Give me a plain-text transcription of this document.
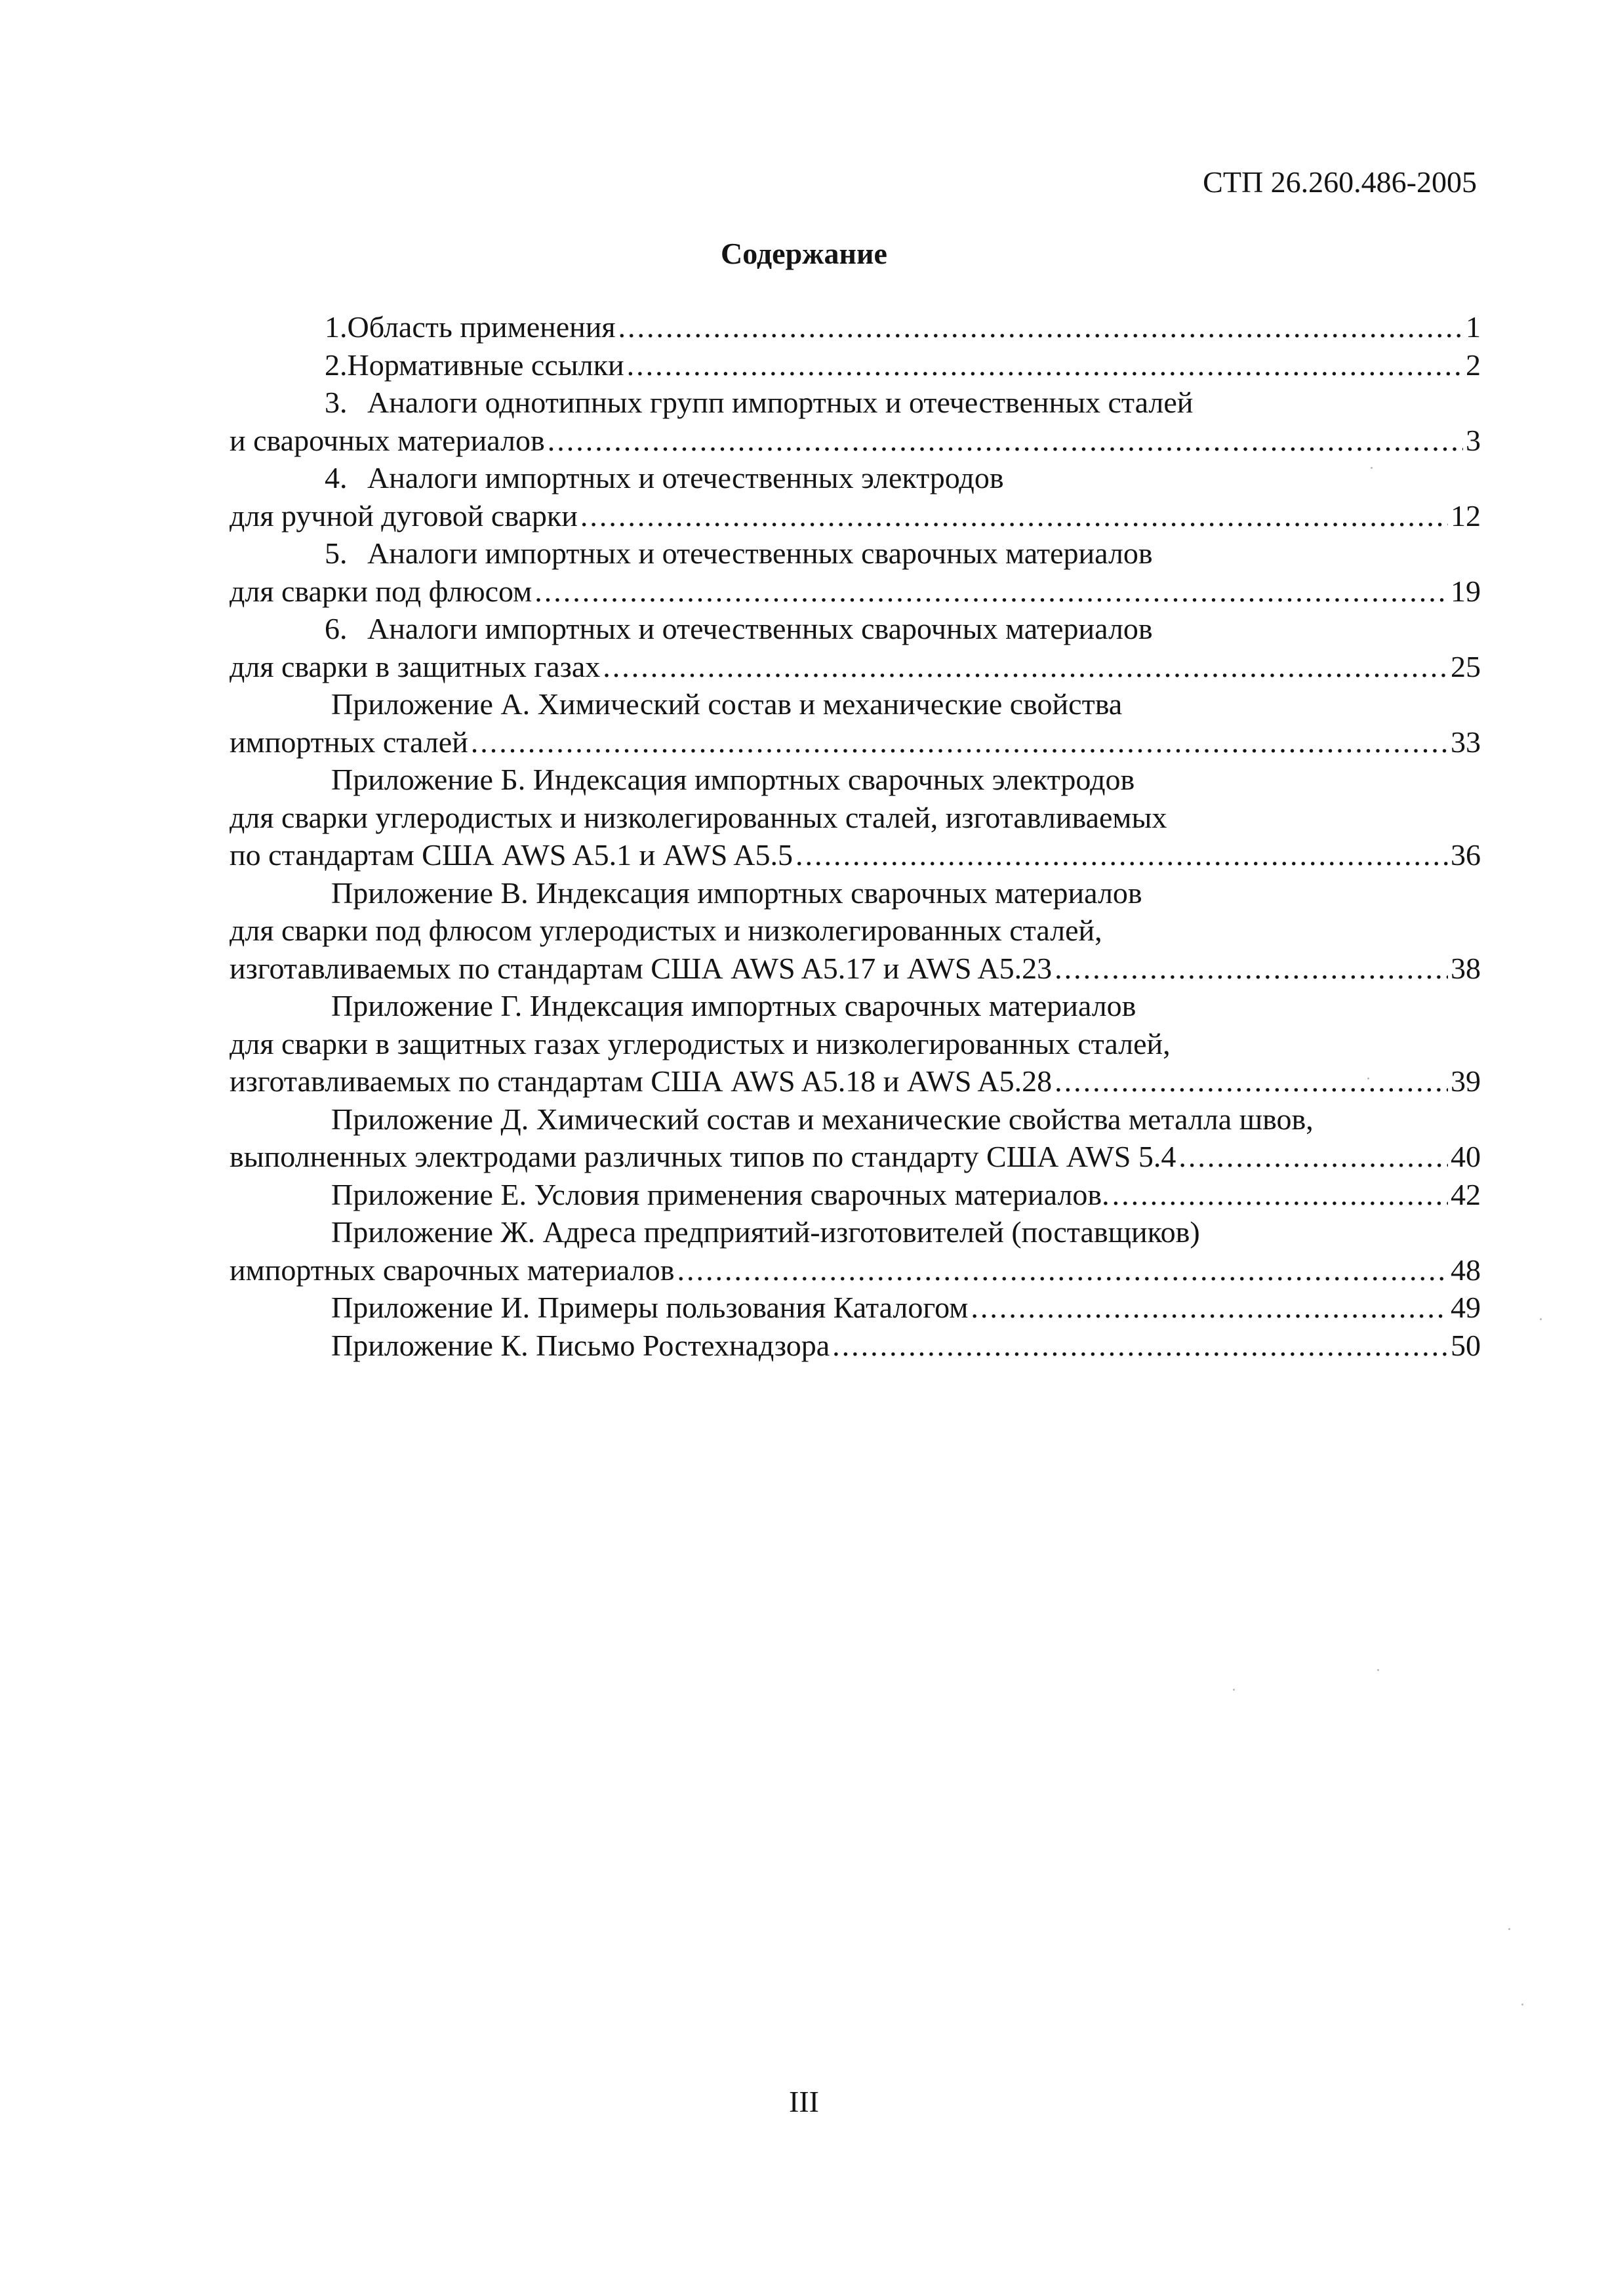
СТП 26.260.486-2005
Содержание
1. Область применения .....	1
2. Нормативные ссылки .....	2
3. Аналоги однотипных групп импортных и отечественных сталей
и сварочных материалов .....	3
4. Аналоги импортных и отечественных электродов
для ручной дуговой сварки .....	12
5. Аналоги импортных и отечественных сварочных материалов
для сварки под флюсом .....	19
6. Аналоги импортных и отечественных сварочных материалов
для сварки в защитных газах .....	25
Приложение А. Химический состав и механические свойства
импортных сталей .....	33
Приложение Б. Индексация импортных сварочных электродов
для сварки углеродистых и низколегированных сталей, изготавливаемых
по стандартам США AWS A5.1 и AWS A5.5 .....	36
Приложение В. Индексация импортных сварочных материалов
для сварки под флюсом углеродистых и низколегированных сталей,
изготавливаемых по стандартам США AWS A5.17 и AWS A5.23 .....	38
Приложение Г. Индексация импортных сварочных материалов
для сварки в защитных газах углеродистых и низколегированных сталей,
изготавливаемых по стандартам США AWS A5.18 и AWS A5.28 .....	39
Приложение Д. Химический состав и механические свойства металла швов,
выполненных электродами различных типов по стандарту США AWS 5.4 .....	40
Приложение Е. Условия применения сварочных материалов. .....	42
Приложение Ж. Адреса предприятий-изготовителей (поставщиков)
импортных сварочных материалов .....	48
Приложение И. Примеры пользования Каталогом .....	49
Приложение К. Письмо Ростехнадзора .....	50
III
